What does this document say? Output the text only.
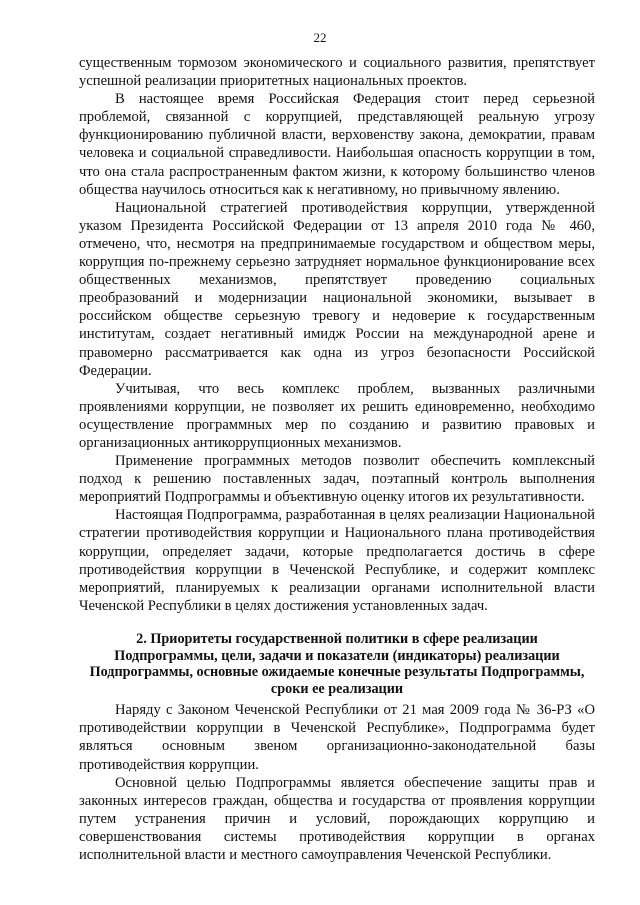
22

существенным тормозом экономического и социального развития, препятствует успешной реализации приоритетных национальных проектов.

В настоящее время Российская Федерация стоит перед серьезной проблемой, связанной с коррупцией, представляющей реальную угрозу функционированию публичной власти, верховенству закона, демократии, правам человека и социальной справедливости. Наибольшая опасность коррупции в том, что она стала распространенным фактом жизни, к которому большинство членов общества научилось относиться как к негативному, но привычному явлению.

Национальной стратегией противодействия коррупции, утвержденной указом Президента Российской Федерации от 13 апреля 2010 года № 460, отмечено, что, несмотря на предпринимаемые государством и обществом меры, коррупция по-прежнему серьезно затрудняет нормальное функционирование всех общественных механизмов, препятствует проведению социальных преобразований и модернизации национальной экономики, вызывает в российском обществе серьезную тревогу и недоверие к государственным институтам, создает негативный имидж России на международной арене и правомерно рассматривается как одна из угроз безопасности Российской Федерации.

Учитывая, что весь комплекс проблем, вызванных различными проявлениями коррупции, не позволяет их решить единовременно, необходимо осуществление программных мер по созданию и развитию правовых и организационных антикоррупционных механизмов.

Применение программных методов позволит обеспечить комплексный подход к решению поставленных задач, поэтапный контроль выполнения мероприятий Подпрограммы и объективную оценку итогов их результативности.

Настоящая Подпрограмма, разработанная в целях реализации Национальной стратегии противодействия коррупции и Национального плана противодействия коррупции, определяет задачи, которые предполагается достичь в сфере противодействия коррупции в Чеченской Республике, и содержит комплекс мероприятий, планируемых к реализации органами исполнительной власти Чеченской Республики в целях достижения установленных задач.

2. Приоритеты государственной политики в сфере реализации
Подпрограммы, цели, задачи и показатели (индикаторы) реализации
Подпрограммы, основные ожидаемые конечные результаты Подпрограммы,
сроки ее реализации

Наряду с Законом Чеченской Республики от 21 мая 2009 года № 36-РЗ «О противодействии коррупции в Чеченской Республике», Подпрограмма будет являться основным звеном организационно-законодательной базы противодействия коррупции.

Основной целью Подпрограммы является обеспечение защиты прав и законных интересов граждан, общества и государства от проявления коррупции путем устранения причин и условий, порождающих коррупцию и совершенствования системы противодействия коррупции в органах исполнительной власти и местного самоуправления Чеченской Республики.
